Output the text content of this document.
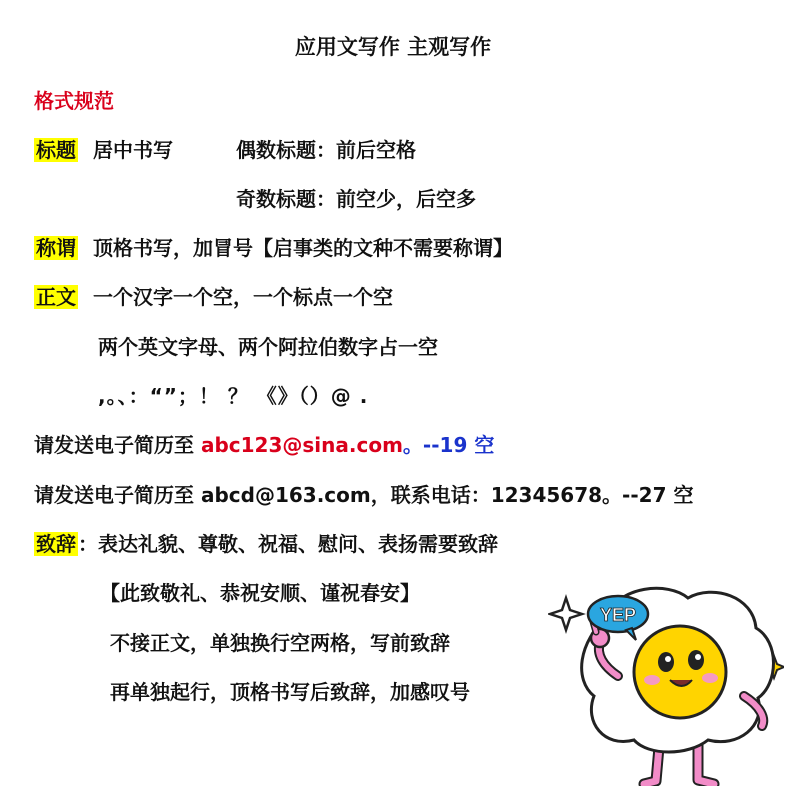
应用文写作 主观写作
格式规范
标题 居中书写	偶数标题：前后空格
奇数标题：前空少，后空多
称谓 顶格书写，加冒号【启事类的文种不需要称谓】
正文 一个汉字一个空，一个标点一个空
两个英文字母、两个阿拉伯数字占一空
,。、：“”；！ ？ 《》（）@ .
请发送电子简历至 abc123@sina.com。--19 空
请发送电子简历至 abcd@163.com，联系电话：12345678。--27 空
致辞 ：表达礼貌、尊敬、祝福、慰问、表扬需要致辞
【此致敬礼、恭祝安顺、谨祝春安】
不接正文，单独换行空两格，写前致辞
再单独起行，顶格书写后致辞，加感叹号
YEP
